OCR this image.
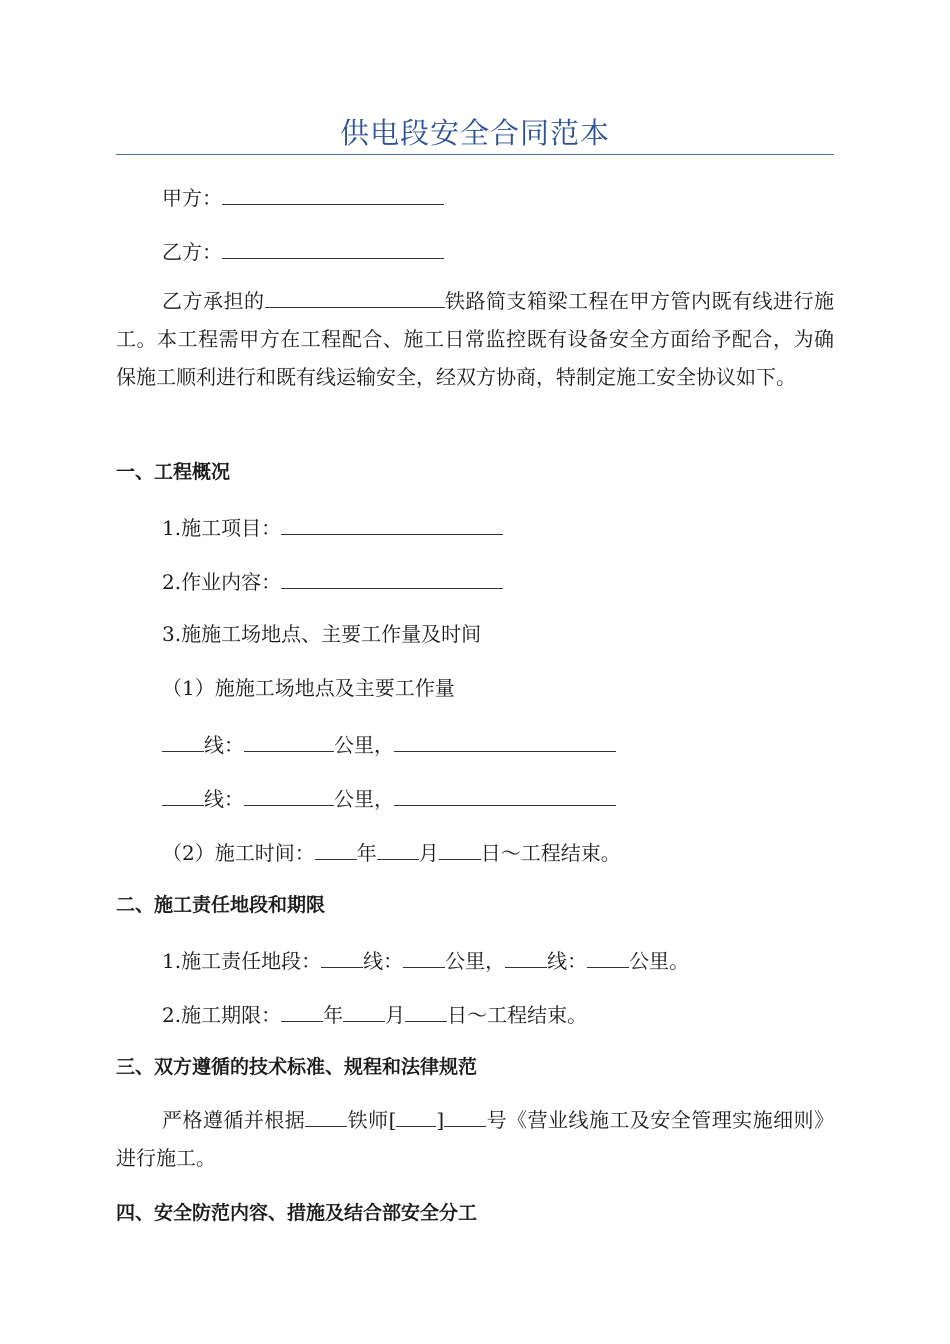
供电段安全合同范本
甲方：
乙方：
乙方承担的	铁路简支箱梁工程在甲方管内既有线进行施工。本工程需甲方在工程配合、施工日常监控既有设备安全方面给予配合，为确保施工顺利进行和既有线运输安全，经双方协商，特制定施工安全协议如下。
一、工程概况
1.施工项目：
2.作业内容：
3.施施工场地点、主要工作量及时间
（1）施施工场地点及主要工作量
线：	公里，
线：	公里，
（2）施工时间： 年 月 日～工程结束。
二、施工责任地段和期限
1.施工责任地段： 线： 公里， 线： 公里。
2.施工期限： 年 月 日～工程结束。
三、双方遵循的技术标准、规程和法律规范
严格遵循并根据 铁师[ ] 号《营业线施工及安全管理实施细则》进行施工。
四、安全防范内容、措施及结合部安全分工
